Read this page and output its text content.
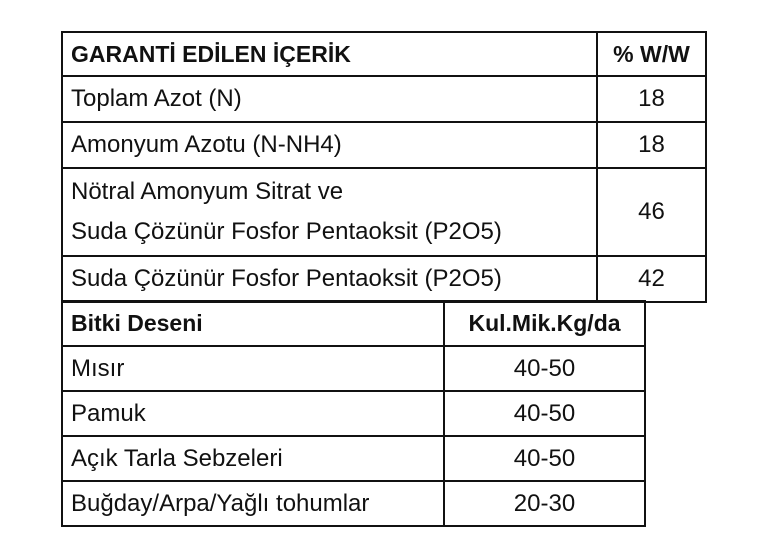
GARANTİ EDİLEN İÇERİK	% W/W
Toplam Azot (N)	18
Amonyum Azotu (N-NH4)	18

Nötral Amonyum Sitrat ve
Suda Çözünür Fosfor Pentaoksit (P2O5)	46
Suda Çözünür Fosfor Pentaoksit (P2O5)	42
Bitki Deseni	Kul.Mik.Kg/da
Mısır	40-50
Pamuk	40-50
Açık Tarla Sebzeleri	40-50
Buğday/Arpa/Yağlı tohumlar	20-30
